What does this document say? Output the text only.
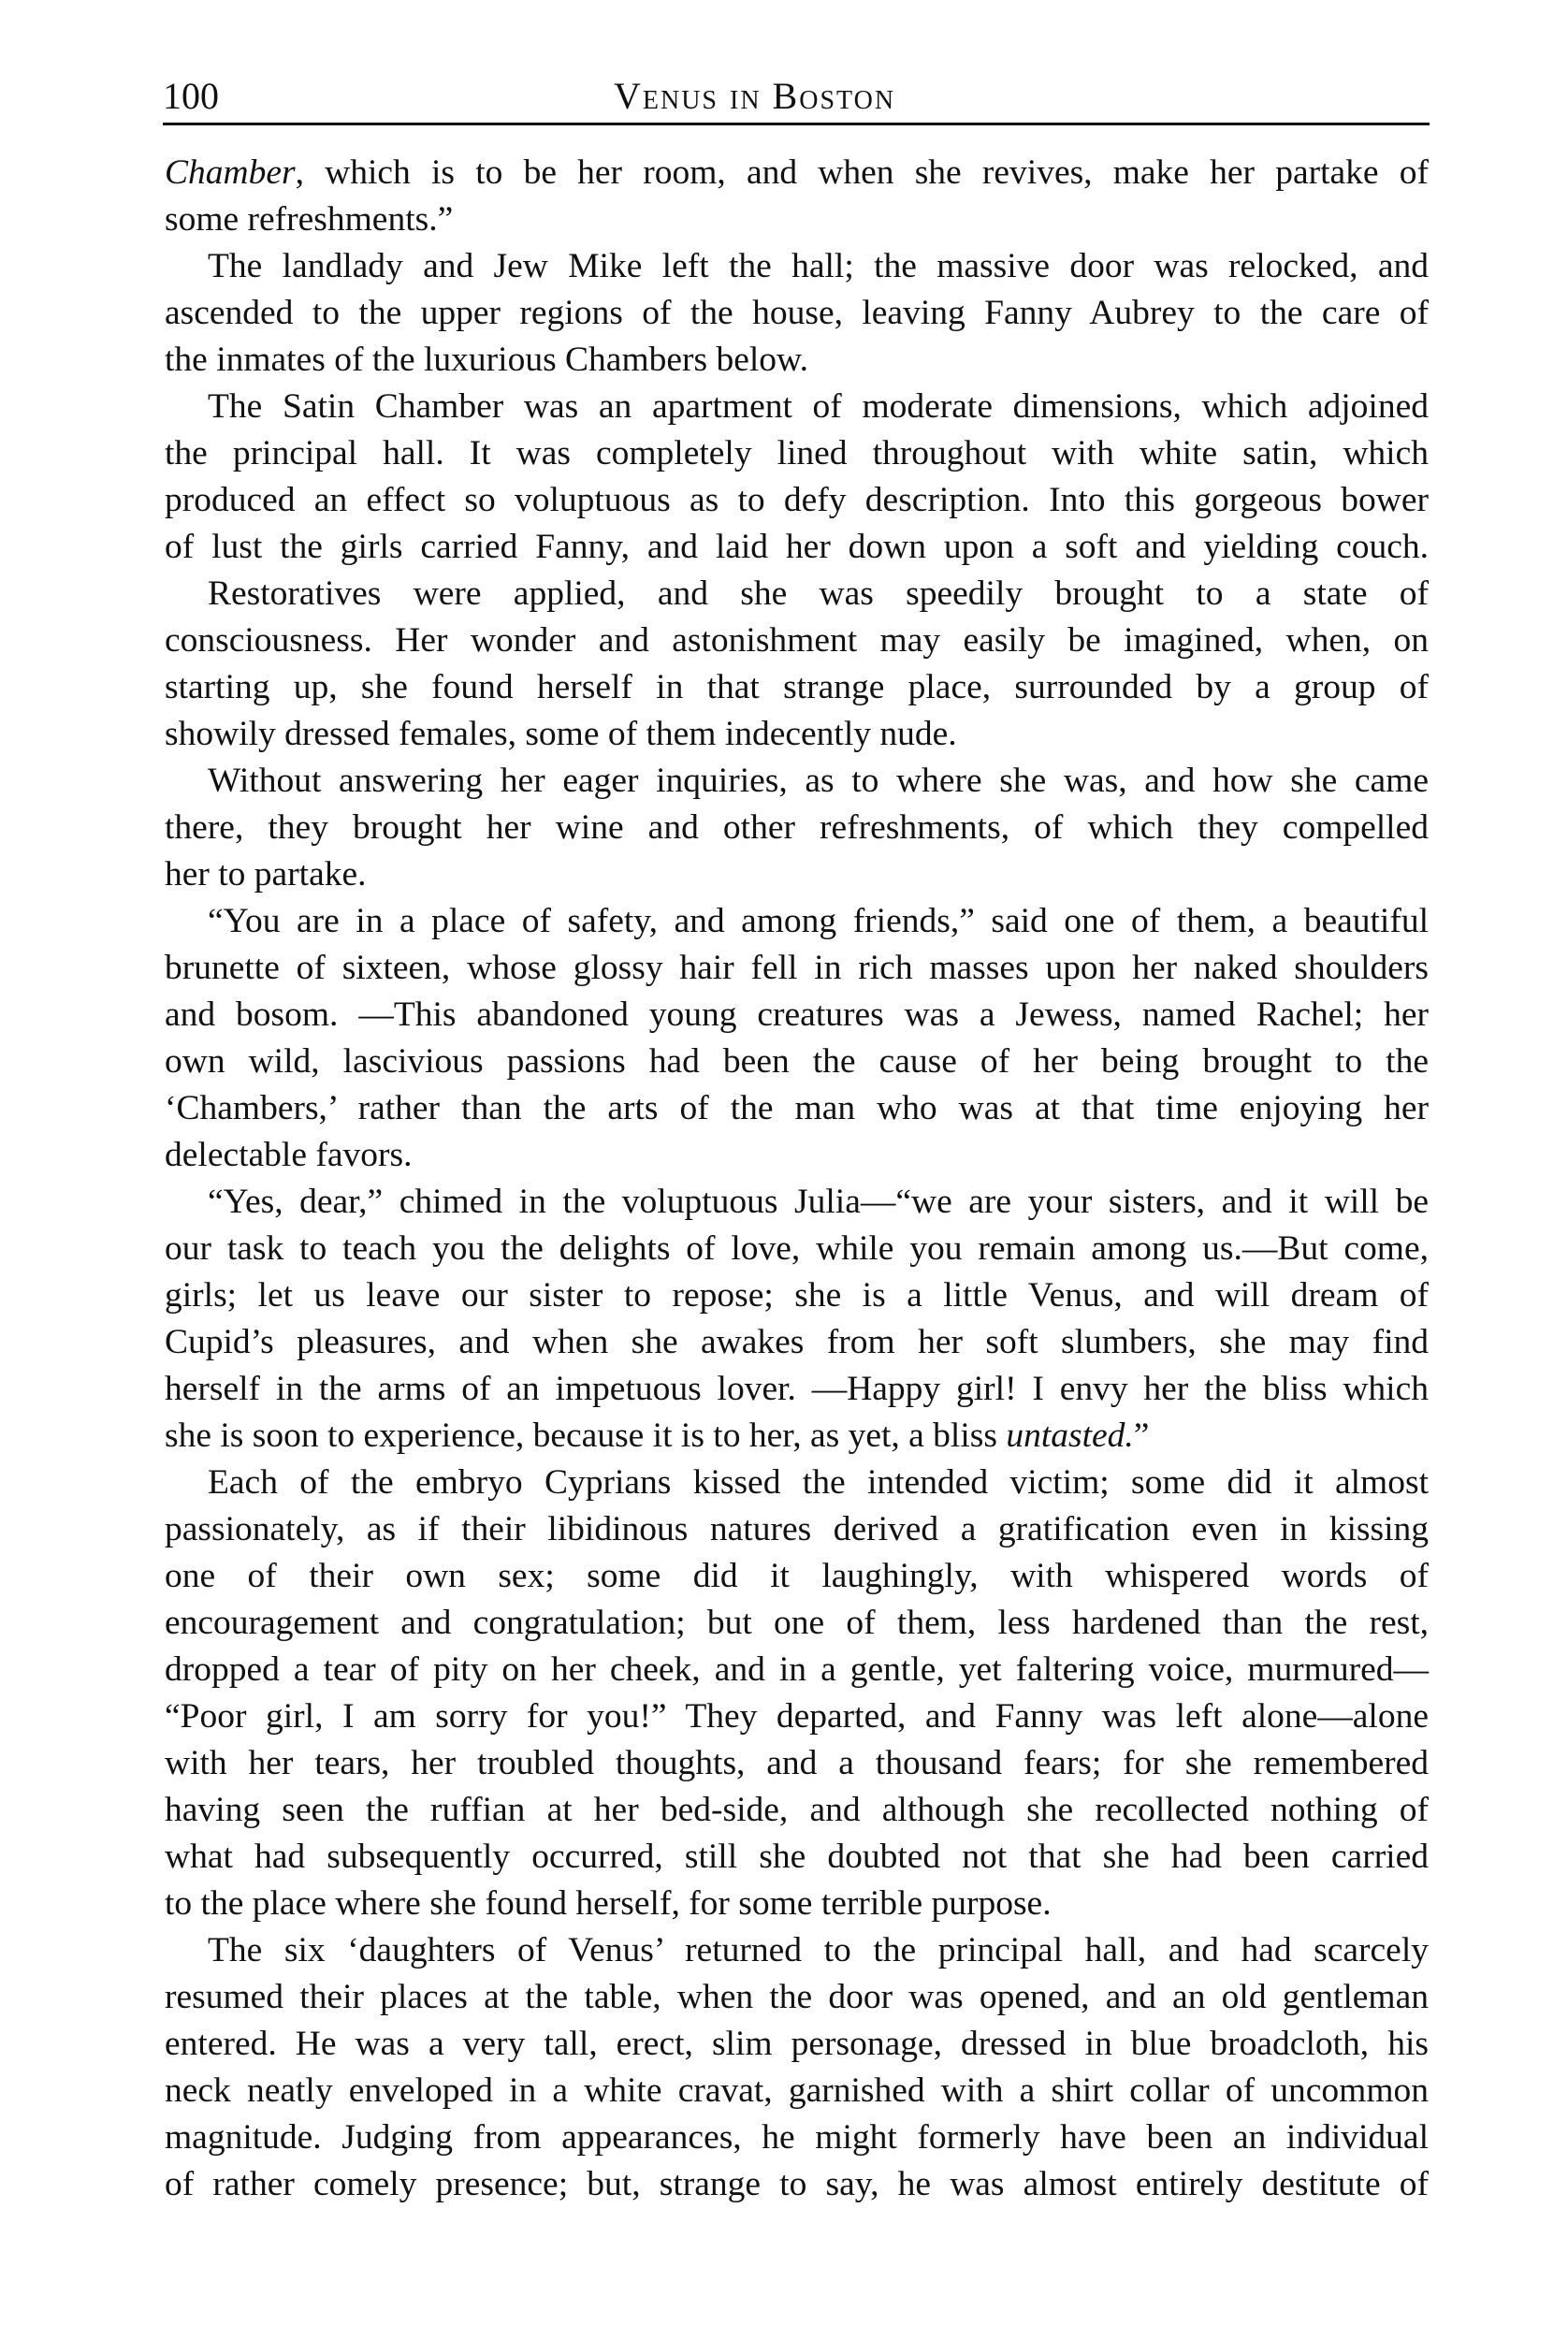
100	Venus in Boston
Chamber, which is to be her room, and when she revives, make her partake of
some refreshments.”
The landlady and Jew Mike left the hall; the massive door was relocked, and
ascended to the upper regions of the house, leaving Fanny Aubrey to the care of
the inmates of the luxurious Chambers below.
The Satin Chamber was an apartment of moderate dimensions, which adjoined
the principal hall. It was completely lined throughout with white satin, which
produced an effect so voluptuous as to defy description. Into this gorgeous bower
of lust the girls carried Fanny, and laid her down upon a soft and yielding couch.
Restoratives were applied, and she was speedily brought to a state of
consciousness. Her wonder and astonishment may easily be imagined, when, on
starting up, she found herself in that strange place, surrounded by a group of
showily dressed females, some of them indecently nude.
Without answering her eager inquiries, as to where she was, and how she came
there, they brought her wine and other refreshments, of which they compelled
her to partake.
“You are in a place of safety, and among friends,” said one of them, a beautiful
brunette of sixteen, whose glossy hair fell in rich masses upon her naked shoulders
and bosom. —This abandoned young creatures was a Jewess, named Rachel; her
own wild, lascivious passions had been the cause of her being brought to the
‘Chambers,’ rather than the arts of the man who was at that time enjoying her
delectable favors.
“Yes, dear,” chimed in the voluptuous Julia—“we are your sisters, and it will be
our task to teach you the delights of love, while you remain among us.—But come,
girls; let us leave our sister to repose; she is a little Venus, and will dream of
Cupid’s pleasures, and when she awakes from her soft slumbers, she may find
herself in the arms of an impetuous lover. —Happy girl! I envy her the bliss which
she is soon to experience, because it is to her, as yet, a bliss untasted.”
Each of the embryo Cyprians kissed the intended victim; some did it almost
passionately, as if their libidinous natures derived a gratification even in kissing
one of their own sex; some did it laughingly, with whispered words of
encouragement and congratulation; but one of them, less hardened than the rest,
dropped a tear of pity on her cheek, and in a gentle, yet faltering voice, murmured—
“Poor girl, I am sorry for you!” They departed, and Fanny was left alone—alone
with her tears, her troubled thoughts, and a thousand fears; for she remembered
having seen the ruffian at her bed-side, and although she recollected nothing of
what had subsequently occurred, still she doubted not that she had been carried
to the place where she found herself, for some terrible purpose.
The six ‘daughters of Venus’ returned to the principal hall, and had scarcely
resumed their places at the table, when the door was opened, and an old gentleman
entered. He was a very tall, erect, slim personage, dressed in blue broadcloth, his
neck neatly enveloped in a white cravat, garnished with a shirt collar of uncommon
magnitude. Judging from appearances, he might formerly have been an individual
of rather comely presence; but, strange to say, he was almost entirely destitute of
